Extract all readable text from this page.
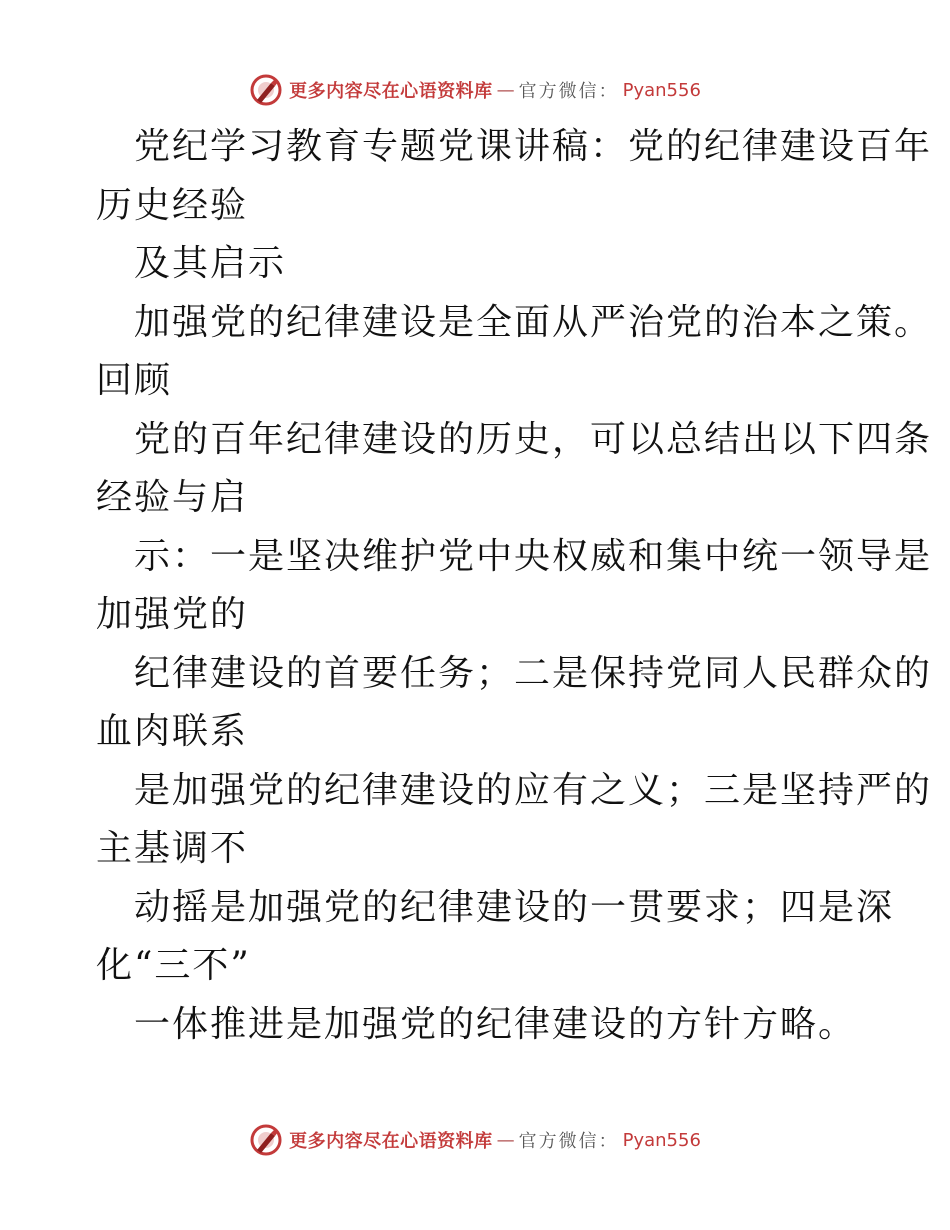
更多内容尽在心语资料库 — 官方微信： Pyan556
党纪学习教育专题党课讲稿：党的纪律建设百年
历史经验
及其启示
加强党的纪律建设是全面从严治党的治本之策。
回顾
党的百年纪律建设的历史，可以总结出以下四条
经验与启
示：一是坚决维护党中央权威和集中统一领导是
加强党的
纪律建设的首要任务；二是保持党同人民群众的
血肉联系
是加强党的纪律建设的应有之义；三是坚持严的
主基调不
动摇是加强党的纪律建设的一贯要求；四是深
化“三不”
一体推进是加强党的纪律建设的方针方略。
更多内容尽在心语资料库 — 官方微信： Pyan556
